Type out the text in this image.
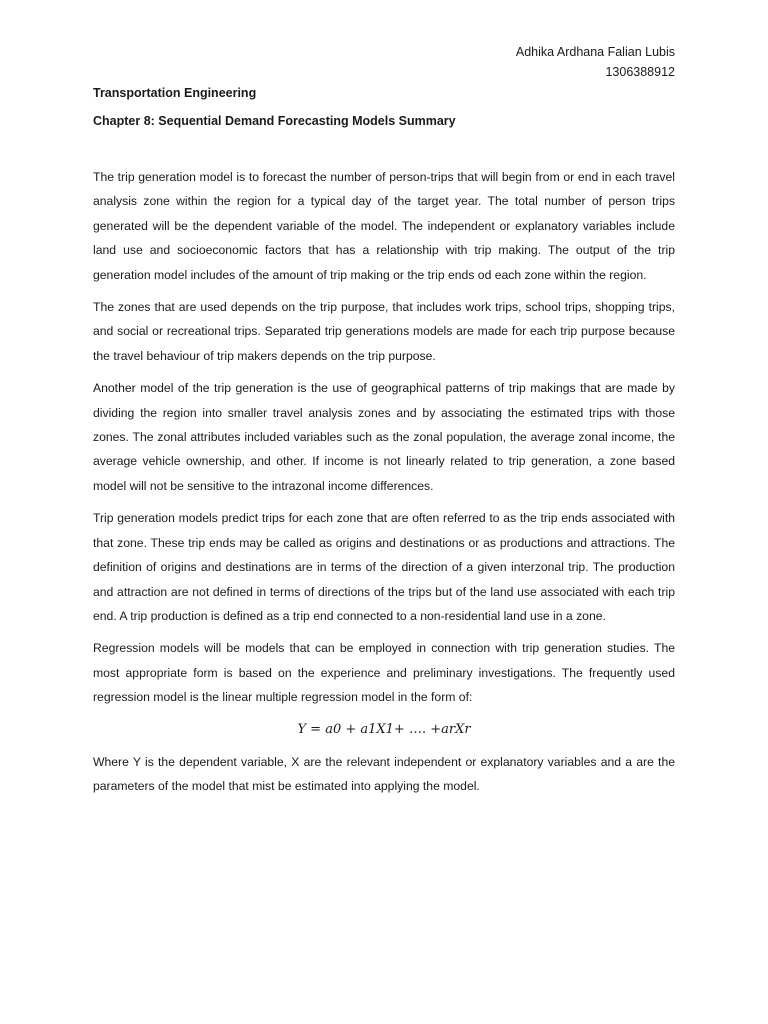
Adhika Ardhana Falian Lubis
1306388912
Transportation Engineering
Chapter 8: Sequential Demand Forecasting Models Summary

The trip generation model is to forecast the number of person-trips that will begin from or end in each travel analysis zone within the region for a typical day of the target year. The total number of person trips generated will be the dependent variable of the model. The independent or explanatory variables include land use and socioeconomic factors that has a relationship with trip making. The output of the trip generation model includes of the amount of trip making or the trip ends od each zone within the region.

The zones that are used depends on the trip purpose, that includes work trips, school trips, shopping trips, and social or recreational trips. Separated trip generations models are made for each trip purpose because the travel behaviour of trip makers depends on the trip purpose.

Another model of the trip generation is the use of geographical patterns of trip makings that are made by dividing the region into smaller travel analysis zones and by associating the estimated trips with those zones. The zonal attributes included variables such as the zonal population, the average zonal income, the average vehicle ownership, and other. If income is not linearly related to trip generation, a zone based model will not be sensitive to the intrazonal income differences.

Trip generation models predict trips for each zone that are often referred to as the trip ends associated with that zone. These trip ends may be called as origins and destinations or as productions and attractions. The definition of origins and destinations are in terms of the direction of a given interzonal trip. The production and attraction are not defined in terms of directions of the trips but of the land use associated with each trip end. A trip production is defined as a trip end connected to a non-residential land use in a zone.

Regression models will be models that can be employed in connection with trip generation studies. The most appropriate form is based on the experience and preliminary investigations. The frequently used regression model is the linear multiple regression model in the form of:

Y = a0 + a1X1+ …. +arXr

Where Y is the dependent variable, X are the relevant independent or explanatory variables and a are the parameters of the model that mist be estimated into applying the model.
